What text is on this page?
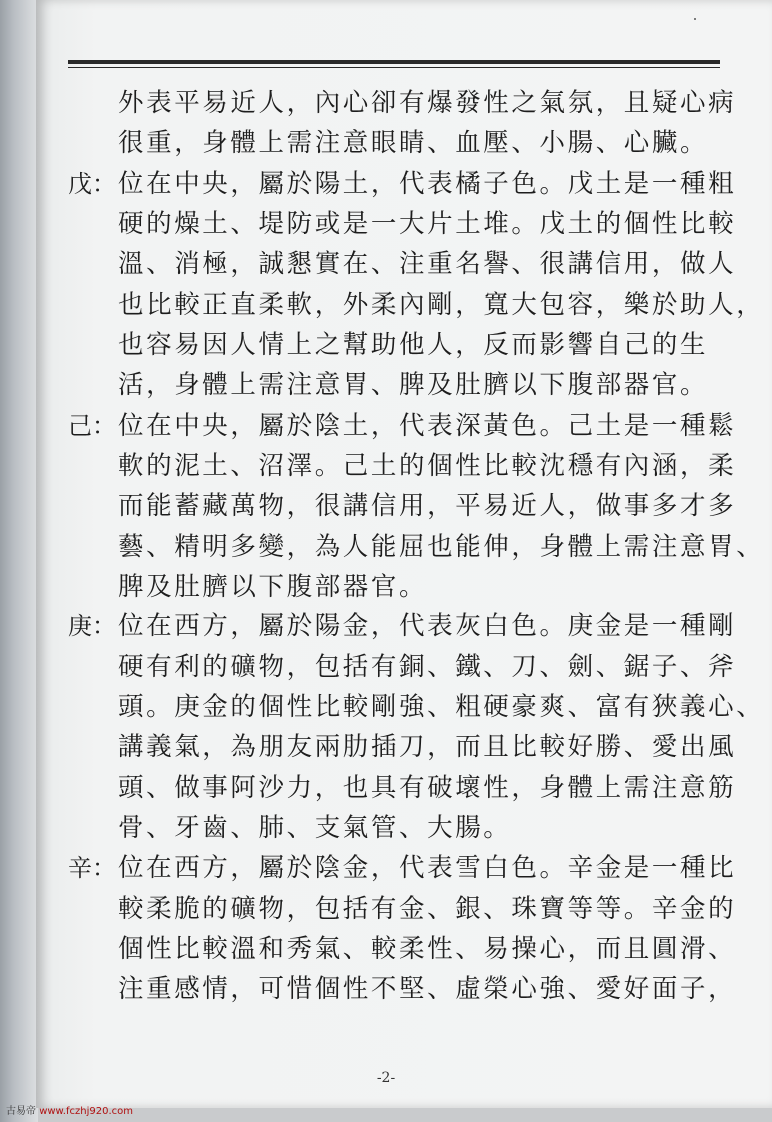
戊：
己：
庚：
辛：
外表平易近人，內心卻有爆發性之氣氛，且疑心病
很重，身體上需注意眼睛、血壓、小腸、心臟。
位在中央，屬於陽土，代表橘子色。戊土是一種粗
硬的燥土、堤防或是一大片土堆。戊土的個性比較
溫、消極，誠懇實在、注重名譽、很講信用，做人
也比較正直柔軟，外柔內剛，寬大包容，樂於助人，
也容易因人情上之幫助他人，反而影響自己的生
活，身體上需注意胃、脾及肚臍以下腹部器官。
位在中央，屬於陰土，代表深黃色。己土是一種鬆
軟的泥土、沼澤。己土的個性比較沈穩有內涵，柔
而能蓄藏萬物，很講信用，平易近人，做事多才多
藝、精明多變，為人能屈也能伸，身體上需注意胃、
脾及肚臍以下腹部器官。
位在西方，屬於陽金，代表灰白色。庚金是一種剛
硬有利的礦物，包括有銅、鐵、刀、劍、鋸子、斧
頭。庚金的個性比較剛強、粗硬豪爽、富有狹義心、
講義氣，為朋友兩肋插刀，而且比較好勝、愛出風
頭、做事阿沙力，也具有破壞性，身體上需注意筋
骨、牙齒、肺、支氣管、大腸。
位在西方，屬於陰金，代表雪白色。辛金是一種比
較柔脆的礦物，包括有金、銀、珠寶等等。辛金的
個性比較溫和秀氣、較柔性、易操心，而且圓滑、
注重感情，可惜個性不堅、虛榮心強、愛好面子，
-2-
古易帝 www.fczhj920.com
